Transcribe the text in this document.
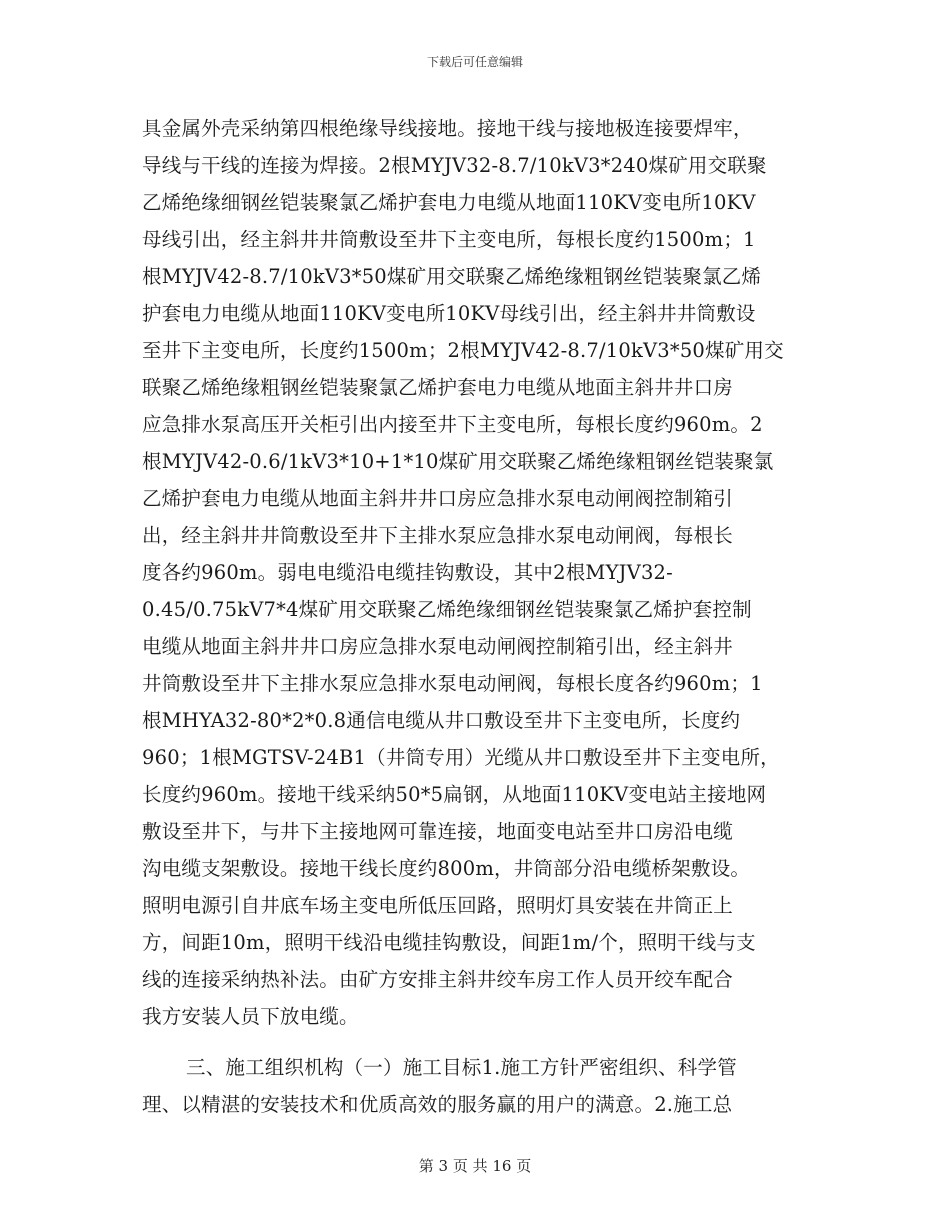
下载后可任意编辑
具金属外壳采纳第四根绝缘导线接地。接地干线与接地极连接要焊牢，
导线与干线的连接为焊接。2根MYJV32-8.7/10kV3*240煤矿用交联聚
乙烯绝缘细钢丝铠装聚氯乙烯护套电力电缆从地面110KV变电所10KV
母线引出，经主斜井井筒敷设至井下主变电所，每根长度约1500m；1
根MYJV42-8.7/10kV3*50煤矿用交联聚乙烯绝缘粗钢丝铠装聚氯乙烯
护套电力电缆从地面110KV变电所10KV母线引出，经主斜井井筒敷设
至井下主变电所，长度约1500m；2根MYJV42-8.7/10kV3*50煤矿用交
联聚乙烯绝缘粗钢丝铠装聚氯乙烯护套电力电缆从地面主斜井井口房
应急排水泵高压开关柜引出内接至井下主变电所，每根长度约960m。2
根MYJV42-0.6/1kV3*10+1*10煤矿用交联聚乙烯绝缘粗钢丝铠装聚氯
乙烯护套电力电缆从地面主斜井井口房应急排水泵电动闸阀控制箱引
出，经主斜井井筒敷设至井下主排水泵应急排水泵电动闸阀，每根长
度各约960m。弱电电缆沿电缆挂钩敷设，其中2根MYJV32-
0.45/0.75kV7*4煤矿用交联聚乙烯绝缘细钢丝铠装聚氯乙烯护套控制
电缆从地面主斜井井口房应急排水泵电动闸阀控制箱引出，经主斜井
井筒敷设至井下主排水泵应急排水泵电动闸阀，每根长度各约960m；1
根MHYA32-80*2*0.8通信电缆从井口敷设至井下主变电所，长度约
960；1根MGTSV-24B1（井筒专用）光缆从井口敷设至井下主变电所，
长度约960m。接地干线采纳50*5扁钢，从地面110KV变电站主接地网
敷设至井下，与井下主接地网可靠连接，地面变电站至井口房沿电缆
沟电缆支架敷设。接地干线长度约800m，井筒部分沿电缆桥架敷设。
照明电源引自井底车场主变电所低压回路，照明灯具安装在井筒正上
方，间距10m，照明干线沿电缆挂钩敷设，间距1m/个，照明干线与支
线的连接采纳热补法。由矿方安排主斜井绞车房工作人员开绞车配合
我方安装人员下放电缆。
三、施工组织机构（一）施工目标1.施工方针严密组织、科学管
理、以精湛的安装技术和优质高效的服务赢的用户的满意。2.施工总
第 3 页 共 16 页
